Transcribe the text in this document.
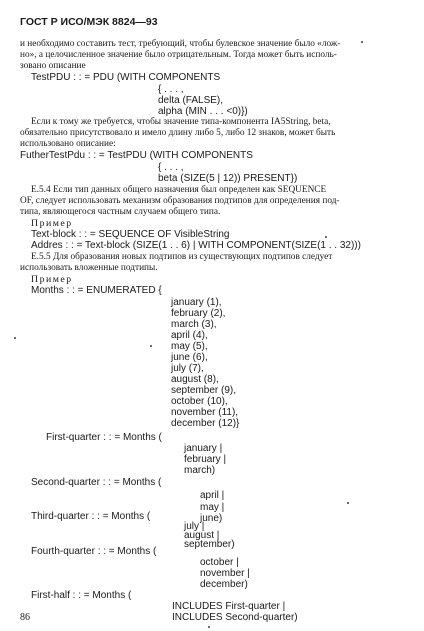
ГОСТ Р ИСО/МЭК 8824—93
и необходимо составить тест, требующий, чтобы булевское значение было «лож-
но», а целочисленное значение было отрицательным. Тогда может быть исполь-
зовано описание
TestPDU : : = PDU (WITH COMPONENTS
{ . . . ,
delta (FALSE),
alpha (MIN . . . <0)})
Если к тому же требуется, чтобы значение типа-компонента IA5String, beta,
обязательно присутствовало и имело длину либо 5, либо 12 знаков, может быть
использовано описание:
FutherTestPdu : : = TestPDU (WITH COMPONENTS
{ . . . ,
beta (SIZE(5 | 12)) PRESENT})
E.5.4 Если тип данных общего назначения был определен как SEQUENCE
OF, следует использовать механизм образования подтипов для определения под-
типа, являющегося частным случаем общего типа.
Пример
Text-block : : = SEQUENCE OF VisibleString
Addres : : = Text-block (SIZE(1 . . 6) | WITH COMPONENT(SIZE(1 . . 32)))
E.5.5 Для образования новых подтипов из существующих подтипов следует
использовать вложенные подтипы.
Пример
Months : : = ENUMERATED {
january (1),
february (2),
march (3),
april (4),
may (5),
june (6),
july (7),
august (8),
september (9),
october (10),
november (11),
december (12)}
First-quarter : : = Months (
january |
february |
march)
Second-quarter : : = Months (
april |
may |
june)
Third-quarter : : = Months (
july |
august |
september)
Fourth-quarter : : = Months (
october |
november |
december)
First-half : : = Months (
INCLUDES First-quarter |
86	INCLUDES Second-quarter)
